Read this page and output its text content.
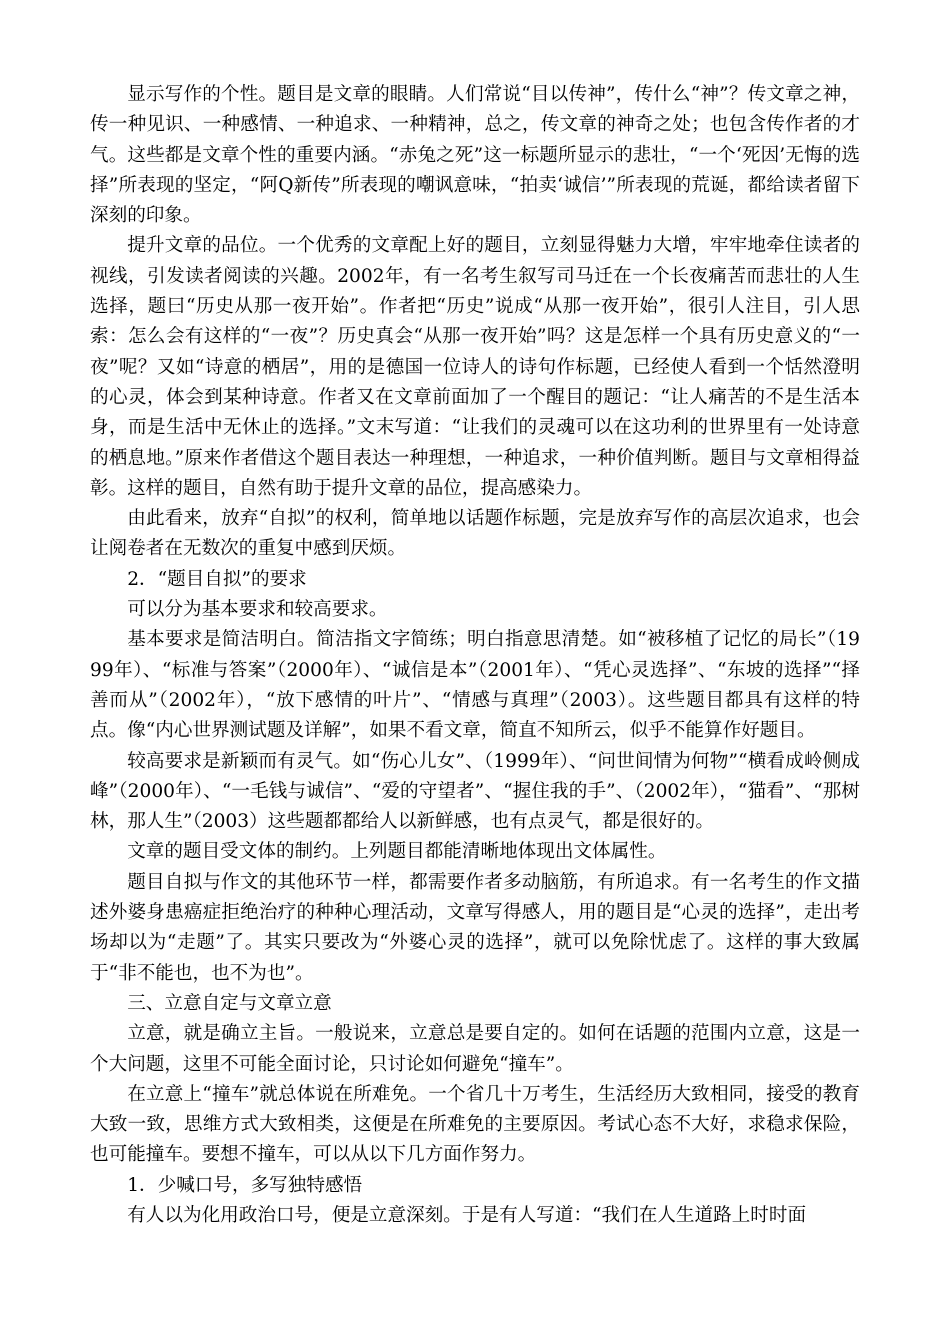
显示写作的个性。题目是文章的眼睛。人们常说“目以传神”，传什么“神”？传文章之神，传一种见识、一种感情、一种追求、一种精神，总之，传文章的神奇之处；也包含传作者的才气。这些都是文章个性的重要内涵。“赤兔之死”这一标题所显示的悲壮，“一个‘死因’无悔的选择”所表现的坚定，“阿Q新传”所表现的嘲讽意味，“拍卖‘诚信’”所表现的荒诞，都给读者留下深刻的印象。

提升文章的品位。一个优秀的文章配上好的题目，立刻显得魅力大增，牢牢地牵住读者的视线，引发读者阅读的兴趣。2002年，有一名考生叙写司马迁在一个长夜痛苦而悲壮的人生选择，题曰“历史从那一夜开始”。作者把“历史”说成“从那一夜开始”，很引人注目，引人思索：怎么会有这样的“一夜”？历史真会“从那一夜开始”吗？这是怎样一个具有历史意义的“一夜”呢？又如“诗意的栖居”，用的是德国一位诗人的诗句作标题，已经使人看到一个恬然澄明的心灵，体会到某种诗意。作者又在文章前面加了一个醒目的题记：“让人痛苦的不是生活本身，而是生活中无休止的选择。”文末写道：“让我们的灵魂可以在这功利的世界里有一处诗意的栖息地。”原来作者借这个题目表达一种理想，一种追求，一种价值判断。题目与文章相得益彰。这样的题目，自然有助于提升文章的品位，提高感染力。

由此看来，放弃“自拟”的权利，简单地以话题作标题，完是放弃写作的高层次追求，也会让阅卷者在无数次的重复中感到厌烦。

2．“题目自拟”的要求

可以分为基本要求和较高要求。

基本要求是简洁明白。简洁指文字简练；明白指意思清楚。如“被移植了记忆的局长”（1999年）、“标准与答案”（2000年）、“诚信是本”（2001年）、“凭心灵选择”、“东坡的选择”“择善而从”（2002年），“放下感情的叶片”、“情感与真理”（2003）。这些题目都具有这样的特点。像“内心世界测试题及详解”，如果不看文章，简直不知所云，似乎不能算作好题目。

较高要求是新颖而有灵气。如“伤心儿女”、（1999年）、“问世间情为何物”“横看成岭侧成峰”（2000年）、“一毛钱与诚信”、“爱的守望者”、“握住我的手”、（2002年），“猫看”、“那树林，那人生”（2003）这些题都都给人以新鲜感，也有点灵气，都是很好的。

文章的题目受文体的制约。上列题目都能清晰地体现出文体属性。

题目自拟与作文的其他环节一样，都需要作者多动脑筋，有所追求。有一名考生的作文描述外婆身患癌症拒绝治疗的种种心理活动，文章写得感人，用的题目是“心灵的选择”，走出考场却以为“走题”了。其实只要改为“外婆心灵的选择”，就可以免除忧虑了。这样的事大致属于“非不能也，也不为也”。

三、立意自定与文章立意

立意，就是确立主旨。一般说来，立意总是要自定的。如何在话题的范围内立意，这是一个大问题，这里不可能全面讨论，只讨论如何避免“撞车”。

在立意上“撞车”就总体说在所难免。一个省几十万考生，生活经历大致相同，接受的教育大致一致，思维方式大致相类，这便是在所难免的主要原因。考试心态不大好，求稳求保险，也可能撞车。要想不撞车，可以从以下几方面作努力。

1．少喊口号，多写独特感悟

有人以为化用政治口号，便是立意深刻。于是有人写道：“我们在人生道路上时时面
